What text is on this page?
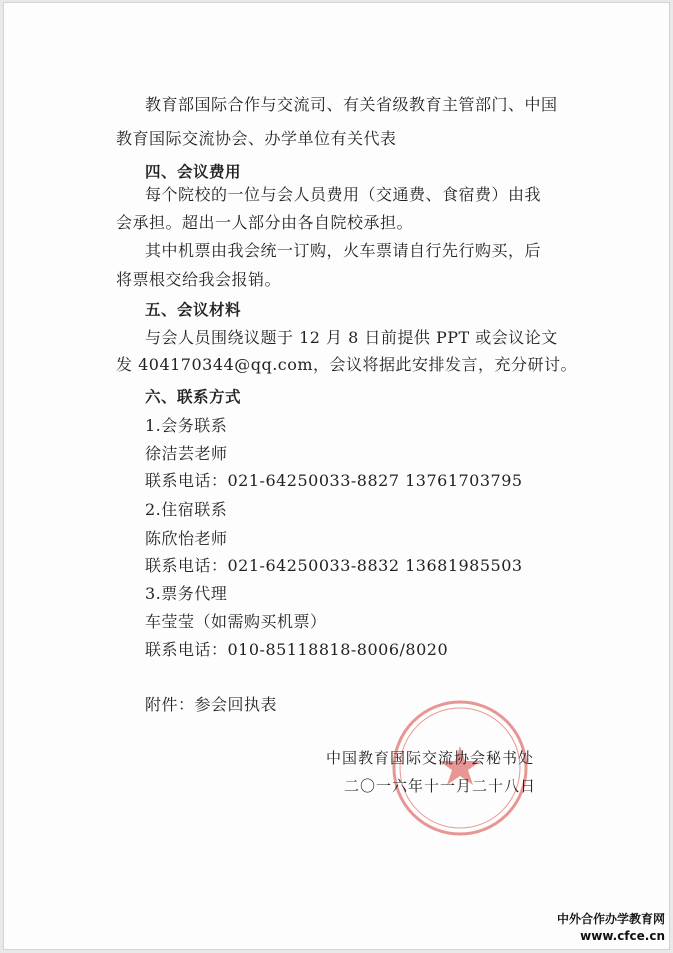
教育部国际合作与交流司、有关省级教育主管部门、中国
教育国际交流协会、办学单位有关代表
四、会议费用
每个院校的一位与会人员费用（交通费、食宿费）由我
会承担。超出一人部分由各自院校承担。
其中机票由我会统一订购，火车票请自行先行购买，后
将票根交给我会报销。
五、会议材料
与会人员围绕议题于 12 月 8 日前提供 PPT 或会议论文
发 404170344@qq.com，会议将据此安排发言，充分研讨。
六、联系方式
1.会务联系
徐洁芸老师
联系电话：021-64250033-8827 13761703795
2.住宿联系
陈欣怡老师
联系电话：021-64250033-8832 13681985503
3.票务代理
车莹莹（如需购买机票）
联系电话：010-85118818-8006/8020
附件：参会回执表
中国教育国际交流协会秘书处
二〇一六年十一月二十八日
中外合作办学教育网
www.cfce.cn
